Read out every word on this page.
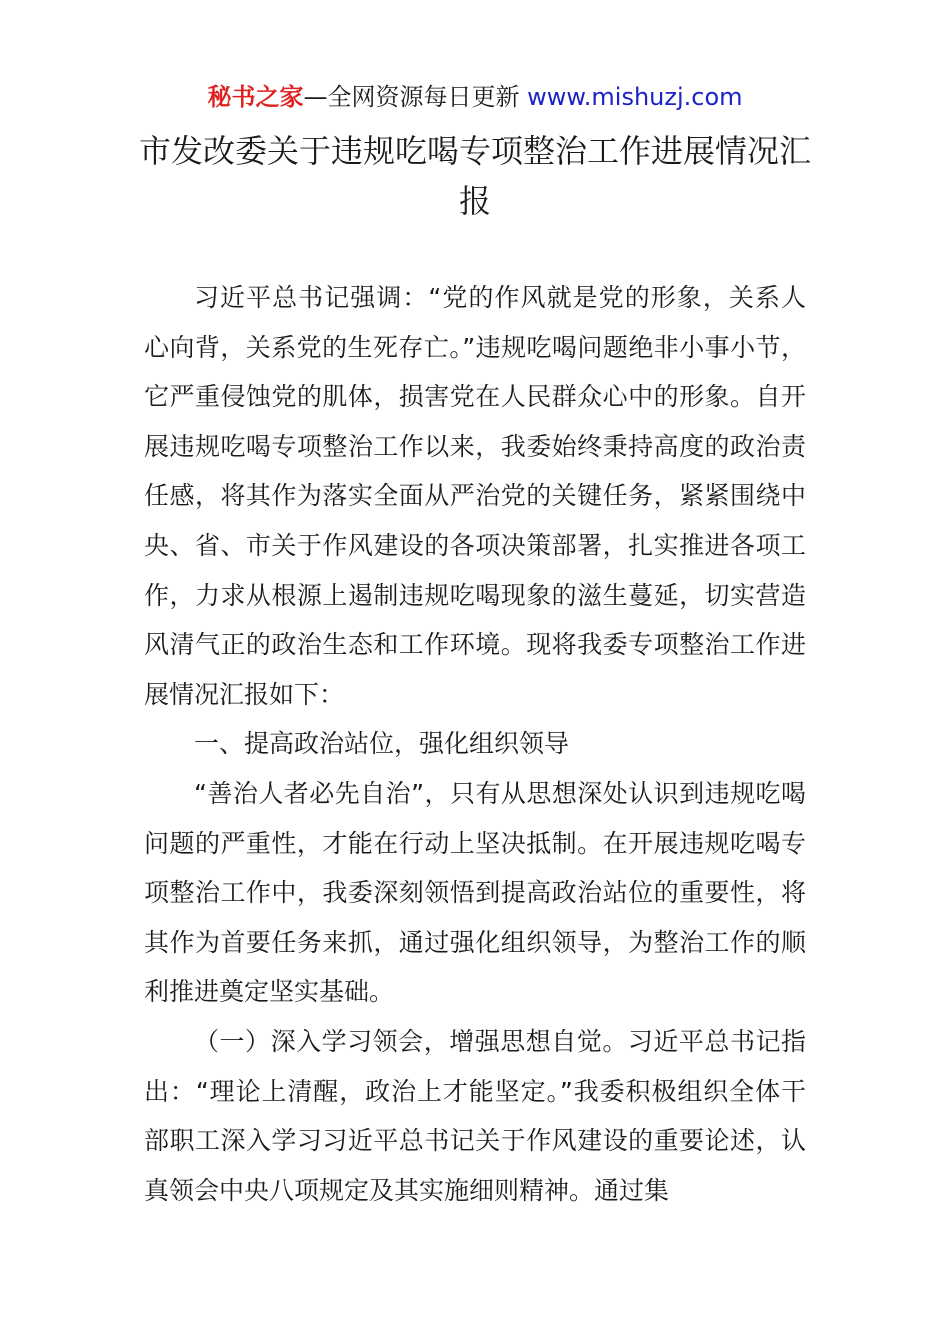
秘书之家—全网资源每日更新 www.mishuzj.com
市发改委关于违规吃喝专项整治工作进展情况汇报

习近平总书记强调：“党的作风就是党的形象，关系人心向背，关系党的生死存亡。”违规吃喝问题绝非小事小节，它严重侵蚀党的肌体，损害党在人民群众心中的形象。自开展违规吃喝专项整治工作以来，我委始终秉持高度的政治责任感，将其作为落实全面从严治党的关键任务，紧紧围绕中央、省、市关于作风建设的各项决策部署，扎实推进各项工作，力求从根源上遏制违规吃喝现象的滋生蔓延，切实营造风清气正的政治生态和工作环境。现将我委专项整治工作进展情况汇报如下：

一、提高政治站位，强化组织领导

“善治人者必先自治”，只有从思想深处认识到违规吃喝问题的严重性，才能在行动上坚决抵制。在开展违规吃喝专项整治工作中，我委深刻领悟到提高政治站位的重要性，将其作为首要任务来抓，通过强化组织领导，为整治工作的顺利推进奠定坚实基础。

（一）深入学习领会，增强思想自觉。习近平总书记指出：“理论上清醒，政治上才能坚定。”我委积极组织全体干部职工深入学习习近平总书记关于作风建设的重要论述，认真领会中央八项规定及其实施细则精神。通过集
